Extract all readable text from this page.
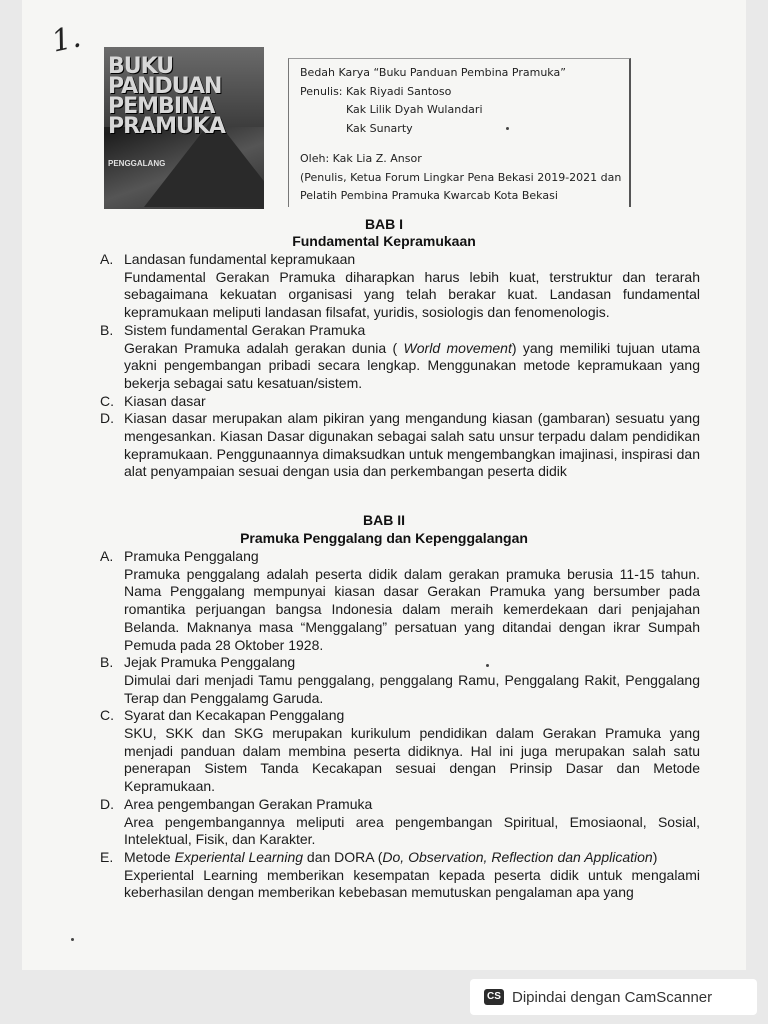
1.
BUKU
PANDUAN
PEMBINA
PRAMUKA
PENGGALANG
Bedah Karya “Buku Panduan Pembina Pramuka”
Penulis: Kak Riyadi Santoso
Kak Lilik Dyah Wulandari
Kak Sunarty
Oleh: Kak Lia Z. Ansor
(Penulis, Ketua Forum Lingkar Pena Bekasi 2019-2021 dan
Pelatih Pembina Pramuka Kwarcab Kota Bekasi
BAB I
Fundamental Kepramukaan
A. Landasan fundamental kepramukaan
Fundamental Gerakan Pramuka diharapkan harus lebih kuat, terstruktur dan terarah sebagaimana kekuatan organisasi yang telah berakar kuat. Landasan fundamental kepramukaan meliputi landasan filsafat, yuridis, sosiologis dan fenomenologis.
B. Sistem fundamental Gerakan Pramuka
Gerakan Pramuka adalah gerakan dunia ( World movement) yang memiliki tujuan utama yakni pengembangan pribadi secara lengkap. Menggunakan metode kepramukaan yang bekerja sebagai satu kesatuan/sistem.
C. Kiasan dasar
D. Kiasan dasar merupakan alam pikiran yang mengandung kiasan (gambaran) sesuatu yang mengesankan. Kiasan Dasar digunakan sebagai salah satu unsur terpadu dalam pendidikan kepramukaan. Penggunaannya dimaksudkan untuk mengembangkan imajinasi, inspirasi dan alat penyampaian sesuai dengan usia dan perkembangan peserta didik
BAB II
Pramuka Penggalang dan Kepenggalangan
A. Pramuka Penggalang
Pramuka penggalang adalah peserta didik dalam gerakan pramuka berusia 11-15 tahun. Nama Penggalang mempunyai kiasan dasar Gerakan Pramuka yang bersumber pada romantika perjuangan bangsa Indonesia dalam meraih kemerdekaan dari penjajahan Belanda. Maknanya masa “Menggalang” persatuan yang ditandai dengan ikrar Sumpah Pemuda pada 28 Oktober 1928.
B. Jejak Pramuka Penggalang
Dimulai dari menjadi Tamu penggalang, penggalang Ramu, Penggalang Rakit, Penggalang Terap dan Penggalamg Garuda.
C. Syarat dan Kecakapan Penggalang
SKU, SKK dan SKG merupakan kurikulum pendidikan dalam Gerakan Pramuka yang menjadi panduan dalam membina peserta didiknya. Hal ini juga merupakan salah satu penerapan Sistem Tanda Kecakapan sesuai dengan Prinsip Dasar dan Metode Kepramukaan.
D. Area pengembangan Gerakan Pramuka
Area pengembangannya meliputi area pengembangan Spiritual, Emosiaonal, Sosial, Intelektual, Fisik, dan Karakter.
E. Metode Experiental Learning dan DORA (Do, Observation, Reflection dan Application)
Experiental Learning memberikan kesempatan kepada peserta didik untuk mengalami keberhasilan dengan memberikan kebebasan memutuskan pengalaman apa yang
CS Dipindai dengan CamScanner
